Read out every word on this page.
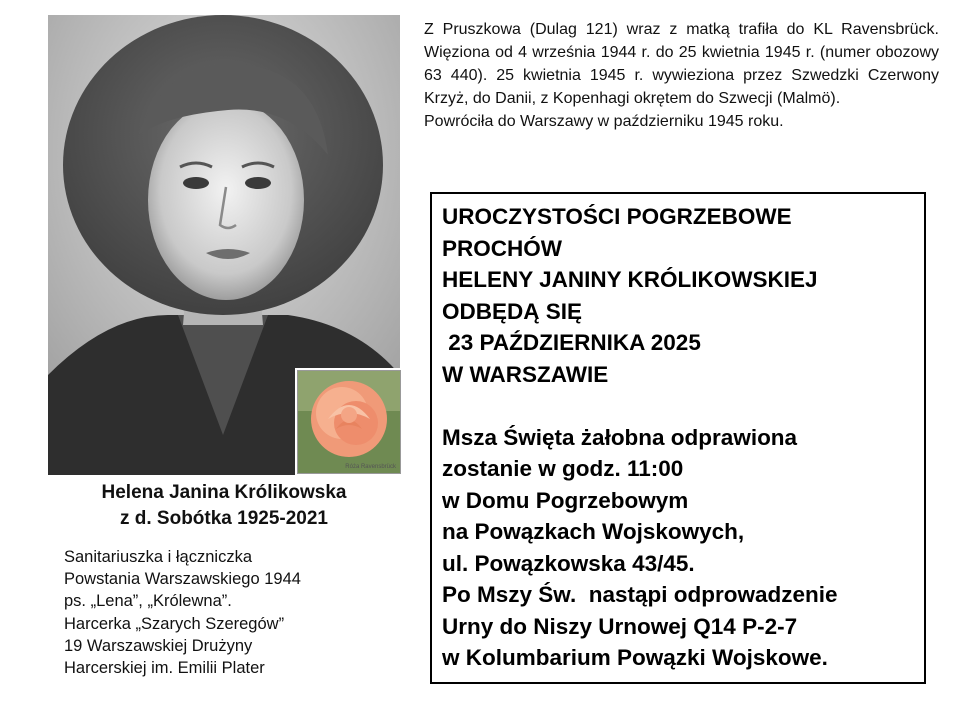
Róża Ravensbrück
Helena Janina Królikowska
z d. Sobótka 1925-2021
Sanitariuszka i łączniczka
Powstania Warszawskiego 1944
ps. „Lena”, „Królewna”.
Harcerka „Szarych Szeregów”
19 Warszawskiej Drużyny
Harcerskiej im. Emilii Plater
Z Pruszkowa (Dulag 121) wraz z matką trafiła do KL Ravensbrück. Więziona od 4 września 1944 r. do 25 kwietnia 1945 r. (numer obozowy 63 440). 25 kwietnia 1945 r. wywieziona przez Szwedzki Czerwony Krzyż, do Danii, z Kopenhagi okrętem do Szwecji (Malmö).
Powróciła do Warszawy w październiku 1945 roku.
UROCZYSTOŚCI POGRZEBOWE
PROCHÓW
HELENY JANINY KRÓLIKOWSKIEJ
ODBĘDĄ SIĘ
23 PAŹDZIERNIKA 2025
W WARSZAWIE
Msza Święta żałobna odprawiona
zostanie w godz. 11:00
w Domu Pogrzebowym
na Powązkach Wojskowych,
ul. Powązkowska 43/45.
Po Mszy Św.  nastąpi odprowadzenie
Urny do Niszy Urnowej Q14 P-2-7
w Kolumbarium Powązki Wojskowe.
